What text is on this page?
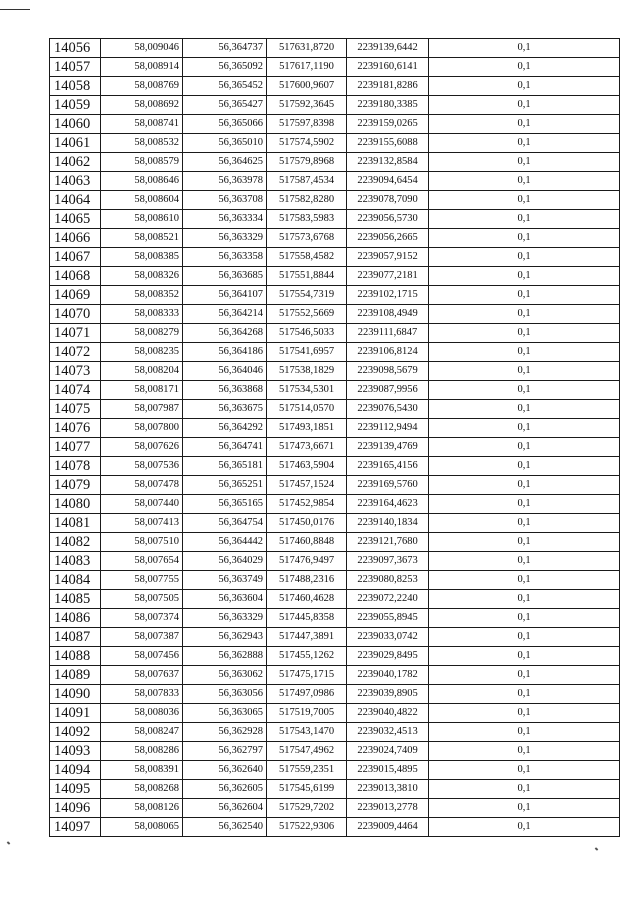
14056	58,009046	56,364737	517631,8720	2239139,6442	0,1
14057	58,008914	56,365092	517617,1190	2239160,6141	0,1
14058	58,008769	56,365452	517600,9607	2239181,8286	0,1
14059	58,008692	56,365427	517592,3645	2239180,3385	0,1
14060	58,008741	56,365066	517597,8398	2239159,0265	0,1
14061	58,008532	56,365010	517574,5902	2239155,6088	0,1
14062	58,008579	56,364625	517579,8968	2239132,8584	0,1
14063	58,008646	56,363978	517587,4534	2239094,6454	0,1
14064	58,008604	56,363708	517582,8280	2239078,7090	0,1
14065	58,008610	56,363334	517583,5983	2239056,5730	0,1
14066	58,008521	56,363329	517573,6768	2239056,2665	0,1
14067	58,008385	56,363358	517558,4582	2239057,9152	0,1
14068	58,008326	56,363685	517551,8844	2239077,2181	0,1
14069	58,008352	56,364107	517554,7319	2239102,1715	0,1
14070	58,008333	56,364214	517552,5669	2239108,4949	0,1
14071	58,008279	56,364268	517546,5033	2239111,6847	0,1
14072	58,008235	56,364186	517541,6957	2239106,8124	0,1
14073	58,008204	56,364046	517538,1829	2239098,5679	0,1
14074	58,008171	56,363868	517534,5301	2239087,9956	0,1
14075	58,007987	56,363675	517514,0570	2239076,5430	0,1
14076	58,007800	56,364292	517493,1851	2239112,9494	0,1
14077	58,007626	56,364741	517473,6671	2239139,4769	0,1
14078	58,007536	56,365181	517463,5904	2239165,4156	0,1
14079	58,007478	56,365251	517457,1524	2239169,5760	0,1
14080	58,007440	56,365165	517452,9854	2239164,4623	0,1
14081	58,007413	56,364754	517450,0176	2239140,1834	0,1
14082	58,007510	56,364442	517460,8848	2239121,7680	0,1
14083	58,007654	56,364029	517476,9497	2239097,3673	0,1
14084	58,007755	56,363749	517488,2316	2239080,8253	0,1
14085	58,007505	56,363604	517460,4628	2239072,2240	0,1
14086	58,007374	56,363329	517445,8358	2239055,8945	0,1
14087	58,007387	56,362943	517447,3891	2239033,0742	0,1
14088	58,007456	56,362888	517455,1262	2239029,8495	0,1
14089	58,007637	56,363062	517475,1715	2239040,1782	0,1
14090	58,007833	56,363056	517497,0986	2239039,8905	0,1
14091	58,008036	56,363065	517519,7005	2239040,4822	0,1
14092	58,008247	56,362928	517543,1470	2239032,4513	0,1
14093	58,008286	56,362797	517547,4962	2239024,7409	0,1
14094	58,008391	56,362640	517559,2351	2239015,4895	0,1
14095	58,008268	56,362605	517545,6199	2239013,3810	0,1
14096	58,008126	56,362604	517529,7202	2239013,2778	0,1
14097	58,008065	56,362540	517522,9306	2239009,4464	0,1
